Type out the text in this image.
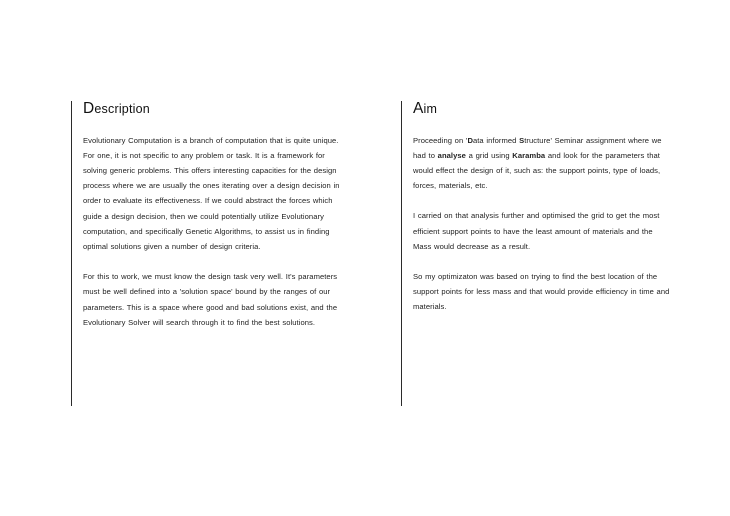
Description

Evolutionary Computation is a branch of computation that is quite unique. For one, it is not specific to any problem or task. It is a framework for solving generic problems. This offers interesting capacities for the design process where we are usually the ones iterating over a design decision in order to evaluate its effectiveness. If we could abstract the forces which guide a design decision, then we could potentially utilize Evolutionary computation, and specifically Genetic Algorithms, to assist us in finding optimal solutions given a number of design criteria.

For this to work, we must know the design task very well. It's parameters must be well defined into a 'solution space' bound by the ranges of our parameters. This is a space where good and bad solutions exist, and the Evolutionary Solver will search through it to find the best solutions.

Aim

Proceeding on 'Data informed Structure' Seminar assignment where we had to analyse a grid using Karamba and look for the parameters that would effect the design of it, such as: the support points, type of loads, forces, materials, etc.

I carried on that analysis further and optimised the grid to get the most efficient support points to have the least amount of materials and the Mass would decrease as a result.

So my optimizaton was based on trying to find the best location of the support points for less mass and that would provide efficiency in time and materials.
